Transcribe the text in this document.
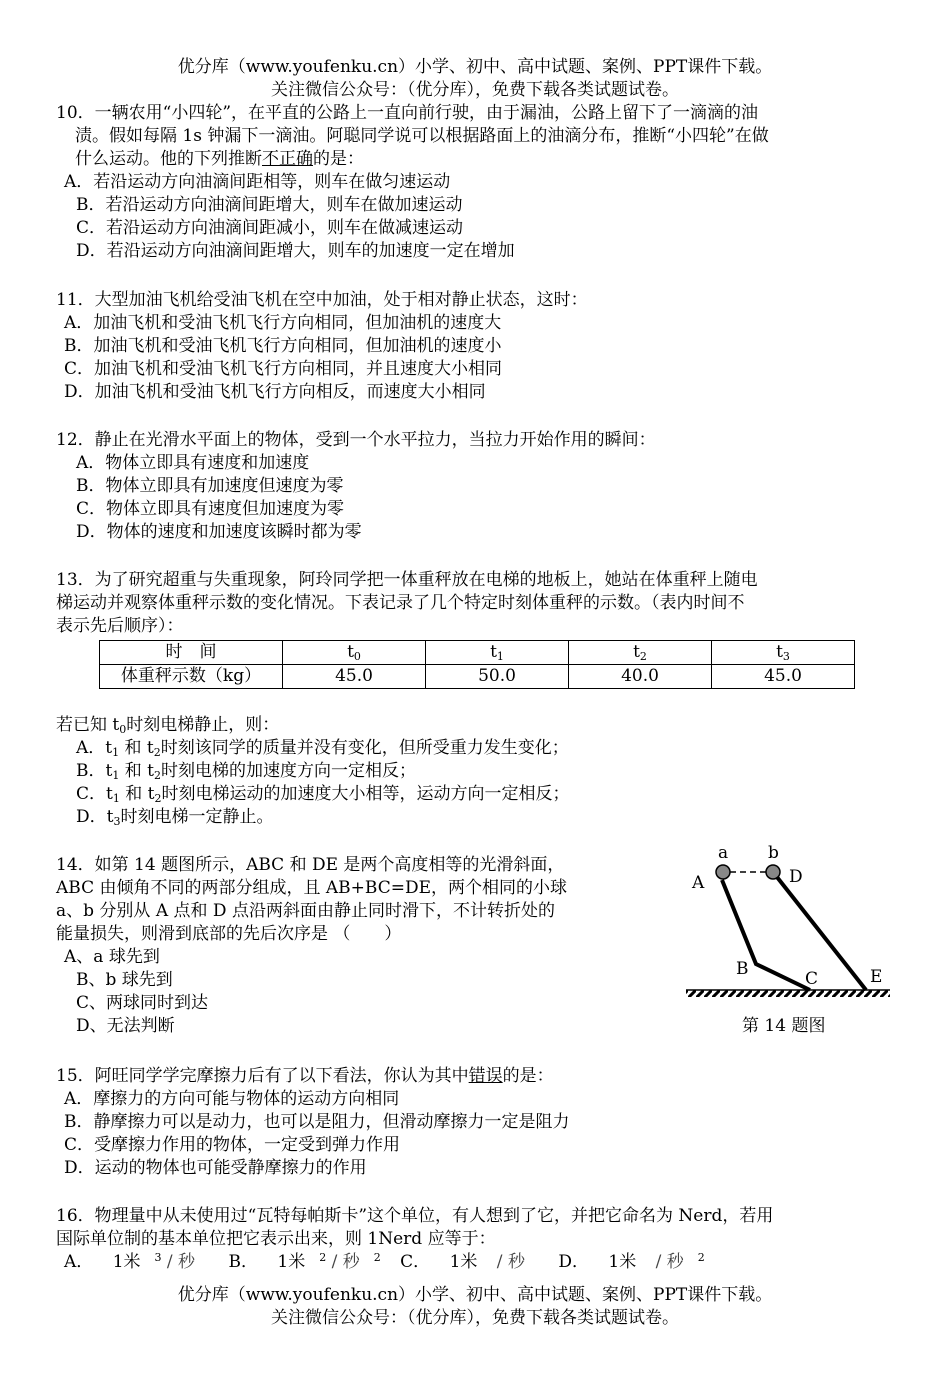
优分库（www.youfenku.cn）小学、初中、高中试题、案例、PPT课件下载。
关注微信公众号：（优分库），免费下载各类试题试卷。

10．一辆农用“小四轮”，在平直的公路上一直向前行驶，由于漏油，公路上留下了一滴滴的油
渍。假如每隔 1s 钟漏下一滴油。阿聪同学说可以根据路面上的油滴分布，推断“小四轮”在做
什么运动。他的下列推断不正确的是：

A．若沿运动方向油滴间距相等，则车在做匀速运动

B．若沿运动方向油滴间距增大，则车在做加速运动

C．若沿运动方向油滴间距减小，则车在做减速运动

D．若沿运动方向油滴间距增大，则车的加速度一定在增加

11．大型加油飞机给受油飞机在空中加油，处于相对静止状态，这时：

A．加油飞机和受油飞机飞行方向相同，但加油机的速度大

B．加油飞机和受油飞机飞行方向相同，但加油机的速度小

C．加油飞机和受油飞机飞行方向相同，并且速度大小相同

D．加油飞机和受油飞机飞行方向相反，而速度大小相同

12．静止在光滑水平面上的物体，受到一个水平拉力，当拉力开始作用的瞬间：

A．物体立即具有速度和加速度

B．物体立即具有加速度但速度为零

C．物体立即具有速度但加速度为零

D．物体的速度和加速度该瞬时都为零

13．为了研究超重与失重现象，阿玲同学把一体重秤放在电梯的地板上，她站在体重秤上随电
梯运动并观察体重秤示数的变化情况。下表记录了几个特定时刻体重秤的示数。（表内时间不
表示先后顺序）：

时　间	$t_0$	$t_1$	$t_2$	$t_3$
体重秤示数（kg）	45.0	50.0	40.0	45.0

若已知 $t_0$时刻电梯静止，则：

A．$t_1$ 和 $t_2$时刻该同学的质量并没有变化，但所受重力发生变化；

B．$t_1$ 和 $t_2$时刻电梯的加速度方向一定相反；

C．$t_1$ 和 $t_2$时刻电梯运动的加速度大小相等，运动方向一定相反；

D．$t_3$时刻电梯一定静止。

14．如第 14 题图所示，ABC 和 DE 是两个高度相等的光滑斜面，

ABC 由倾角不同的两部分组成，且 AB+BC=DE，两个相同的小球

a、b 分别从 A 点和 D 点沿两斜面由静止同时滑下，不计转折处的

能量损失，则滑到底部的先后次序是 （　　）

A、a 球先到

B、b 球先到

C、两球同时到达

D、无法判断

a b
A	D
B	C	E
第 14 题图

15．阿旺同学学完摩擦力后有了以下看法，你认为其中错误的是：

A．摩擦力的方向可能与物体的运动方向相同

B．静摩擦力可以是动力，也可以是阻力，但滑动摩擦力一定是阻力

C．受摩擦力作用的物体，一定受到弹力作用

D．运动的物体也可能受静摩擦力的作用

16．物理量中从未使用过“瓦特每帕斯卡”这个单位，有人想到了它，并把它命名为 Nerd，若用

国际单位制的基本单位把它表示出来，则 1Nerd 应等于：

A． 1米 $^3$ / 秒 B． 1米 $^2$ / 秒 $^2$ C． 1米 / 秒 D． 1米 / 秒 $^2$

优分库（www.youfenku.cn）小学、初中、高中试题、案例、PPT课件下载。
关注微信公众号：（优分库），免费下载各类试题试卷。
